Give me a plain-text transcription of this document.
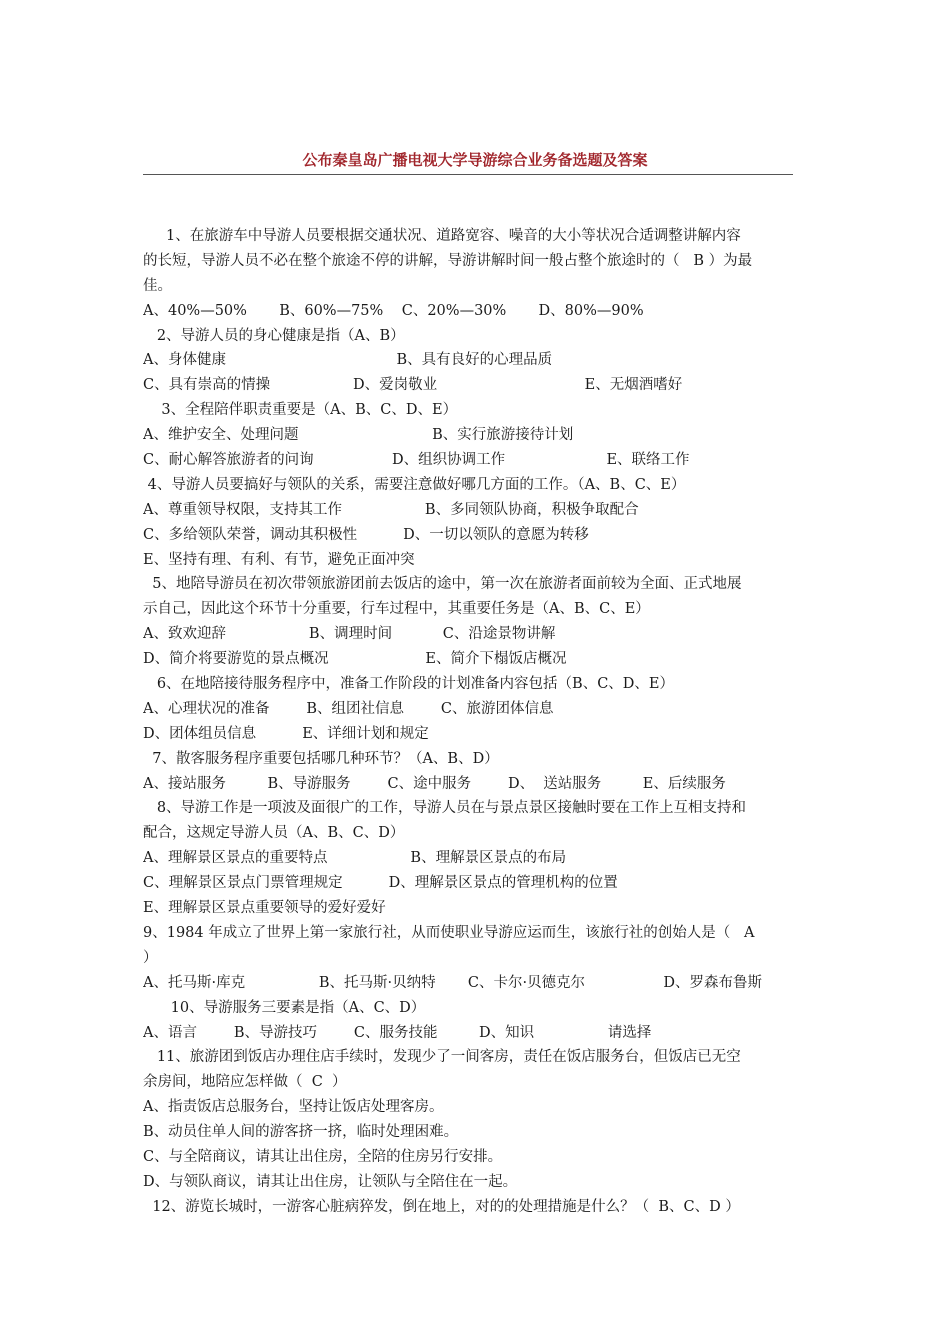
公布秦皇岛广播电视大学导游综合业务备选题及答案
1、在旅游车中导游人员要根据交通状况、道路宽容、噪音的大小等状况合适调整讲解内容
的长短，导游人员不必在整个旅途不停的讲解，导游讲解时间一般占整个旅途时的（   B ）为最
佳。
A、40%—50%       B、60%—75%    C、20%—30%       D、80%—90%
2、导游人员的身心健康是指（A、B）
A、身体健康                                     B、具有良好的心理品质
C、具有崇高的情操                  D、爱岗敬业                                E、无烟酒嗜好
3、全程陪伴职责重要是（A、B、C、D、E）
A、维护安全、处理问题                             B、实行旅游接待计划
C、耐心解答旅游者的问询                 D、组织协调工作                      E、联络工作
4、导游人员要搞好与领队的关系，需要注意做好哪几方面的工作。（A、B、C、E）
A、尊重领导权限，支持其工作                  B、多同领队协商，积极争取配合
C、多给领队荣誉，调动其积极性          D、一切以领队的意愿为转移
E、坚持有理、有利、有节，避免正面冲突
5、地陪导游员在初次带领旅游团前去饭店的途中，第一次在旅游者面前较为全面、正式地展
示自己，因此这个环节十分重要，行车过程中，其重要任务是（A、B、C、E）
A、致欢迎辞                  B、调理时间           C、沿途景物讲解
D、简介将要游览的景点概况                     E、简介下榻饭店概况
6、在地陪接待服务程序中，准备工作阶段的计划准备内容包括（B、C、D、E）
A、心理状况的准备        B、组团社信息        C、旅游团体信息
D、团体组员信息          E、详细计划和规定
7、散客服务程序重要包括哪几种环节？（A、B、D）
A、接站服务         B、导游服务        C、途中服务        D、  送站服务         E、后续服务
8、导游工作是一项波及面很广的工作，导游人员在与景点景区接触时要在工作上互相支持和
配合，这规定导游人员（A、B、C、D）
A、理解景区景点的重要特点                  B、理解景区景点的布局
C、理解景区景点门票管理规定          D、理解景区景点的管理机构的位置
E、理解景区景点重要领导的爱好爱好
9、1984 年成立了世界上第一家旅行社，从而使职业导游应运而生，该旅行社的创始人是（   A
）
A、托马斯·库克                B、托马斯·贝纳特       C、卡尔·贝德克尔                 D、罗森布鲁斯
10、导游服务三要素是指（A、C、D）
A、语言        B、导游技巧        C、服务技能         D、知识                请选择
11、旅游团到饭店办理住店手续时，发现少了一间客房，责任在饭店服务台，但饭店已无空
余房间，地陪应怎样做（  C  ）
A、指责饭店总服务台，坚持让饭店处理客房。
B、动员住单人间的游客挤一挤，临时处理困难。
C、与全陪商议，请其让出住房，全陪的住房另行安排。
D、与领队商议，请其让出住房，让领队与全陪住在一起。
12、游览长城时，一游客心脏病猝发，倒在地上，对的的处理措施是什么？（  B、C、D ）
